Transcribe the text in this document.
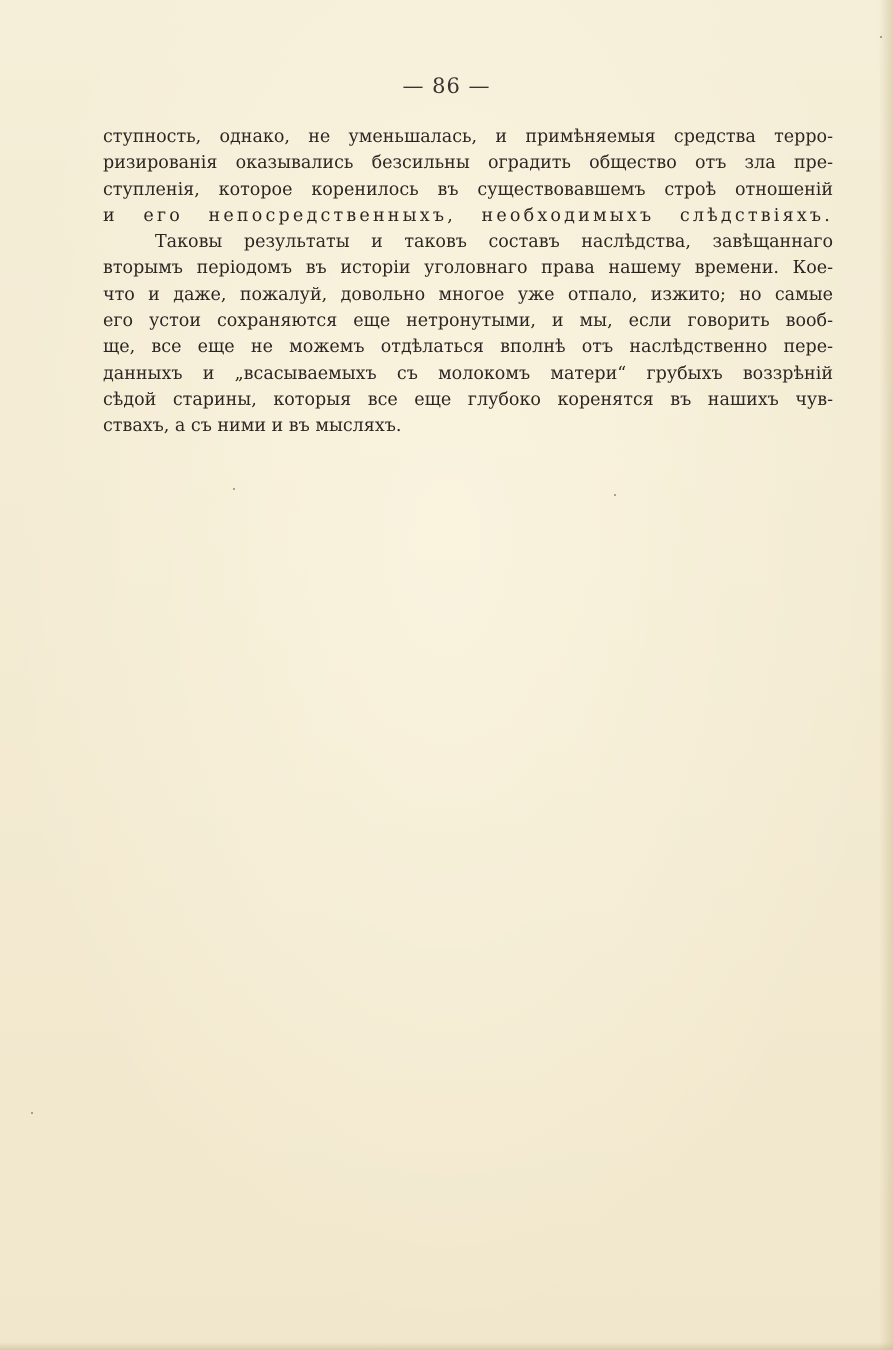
— 86 —
ступность, однако, не уменьшалась, и примѣняемыя средства терро-
ризированія оказывались безсильны оградить общество отъ зла пре-
ступленія, которое коренилось въ существовавшемъ строѣ отношеній
и его непосредственныхъ, необходимыхъ слѣдствіяхъ.
Таковы результаты и таковъ составъ наслѣдства, завѣщаннаго
вторымъ періодомъ въ исторіи уголовнаго права нашему времени. Кое-
что и даже, пожалуй, довольно многое уже отпало, изжито; но самые
его устои сохраняются еще нетронутыми, и мы, если говорить вооб-
ще, все еще не можемъ отдѣлаться вполнѣ отъ наслѣдственно пере-
данныхъ и „всасываемыхъ съ молокомъ матери“ грубыхъ воззрѣній
сѣдой старины, которыя все еще глубоко коренятся въ нашихъ чув-
ствахъ, а съ ними и въ мысляхъ.
